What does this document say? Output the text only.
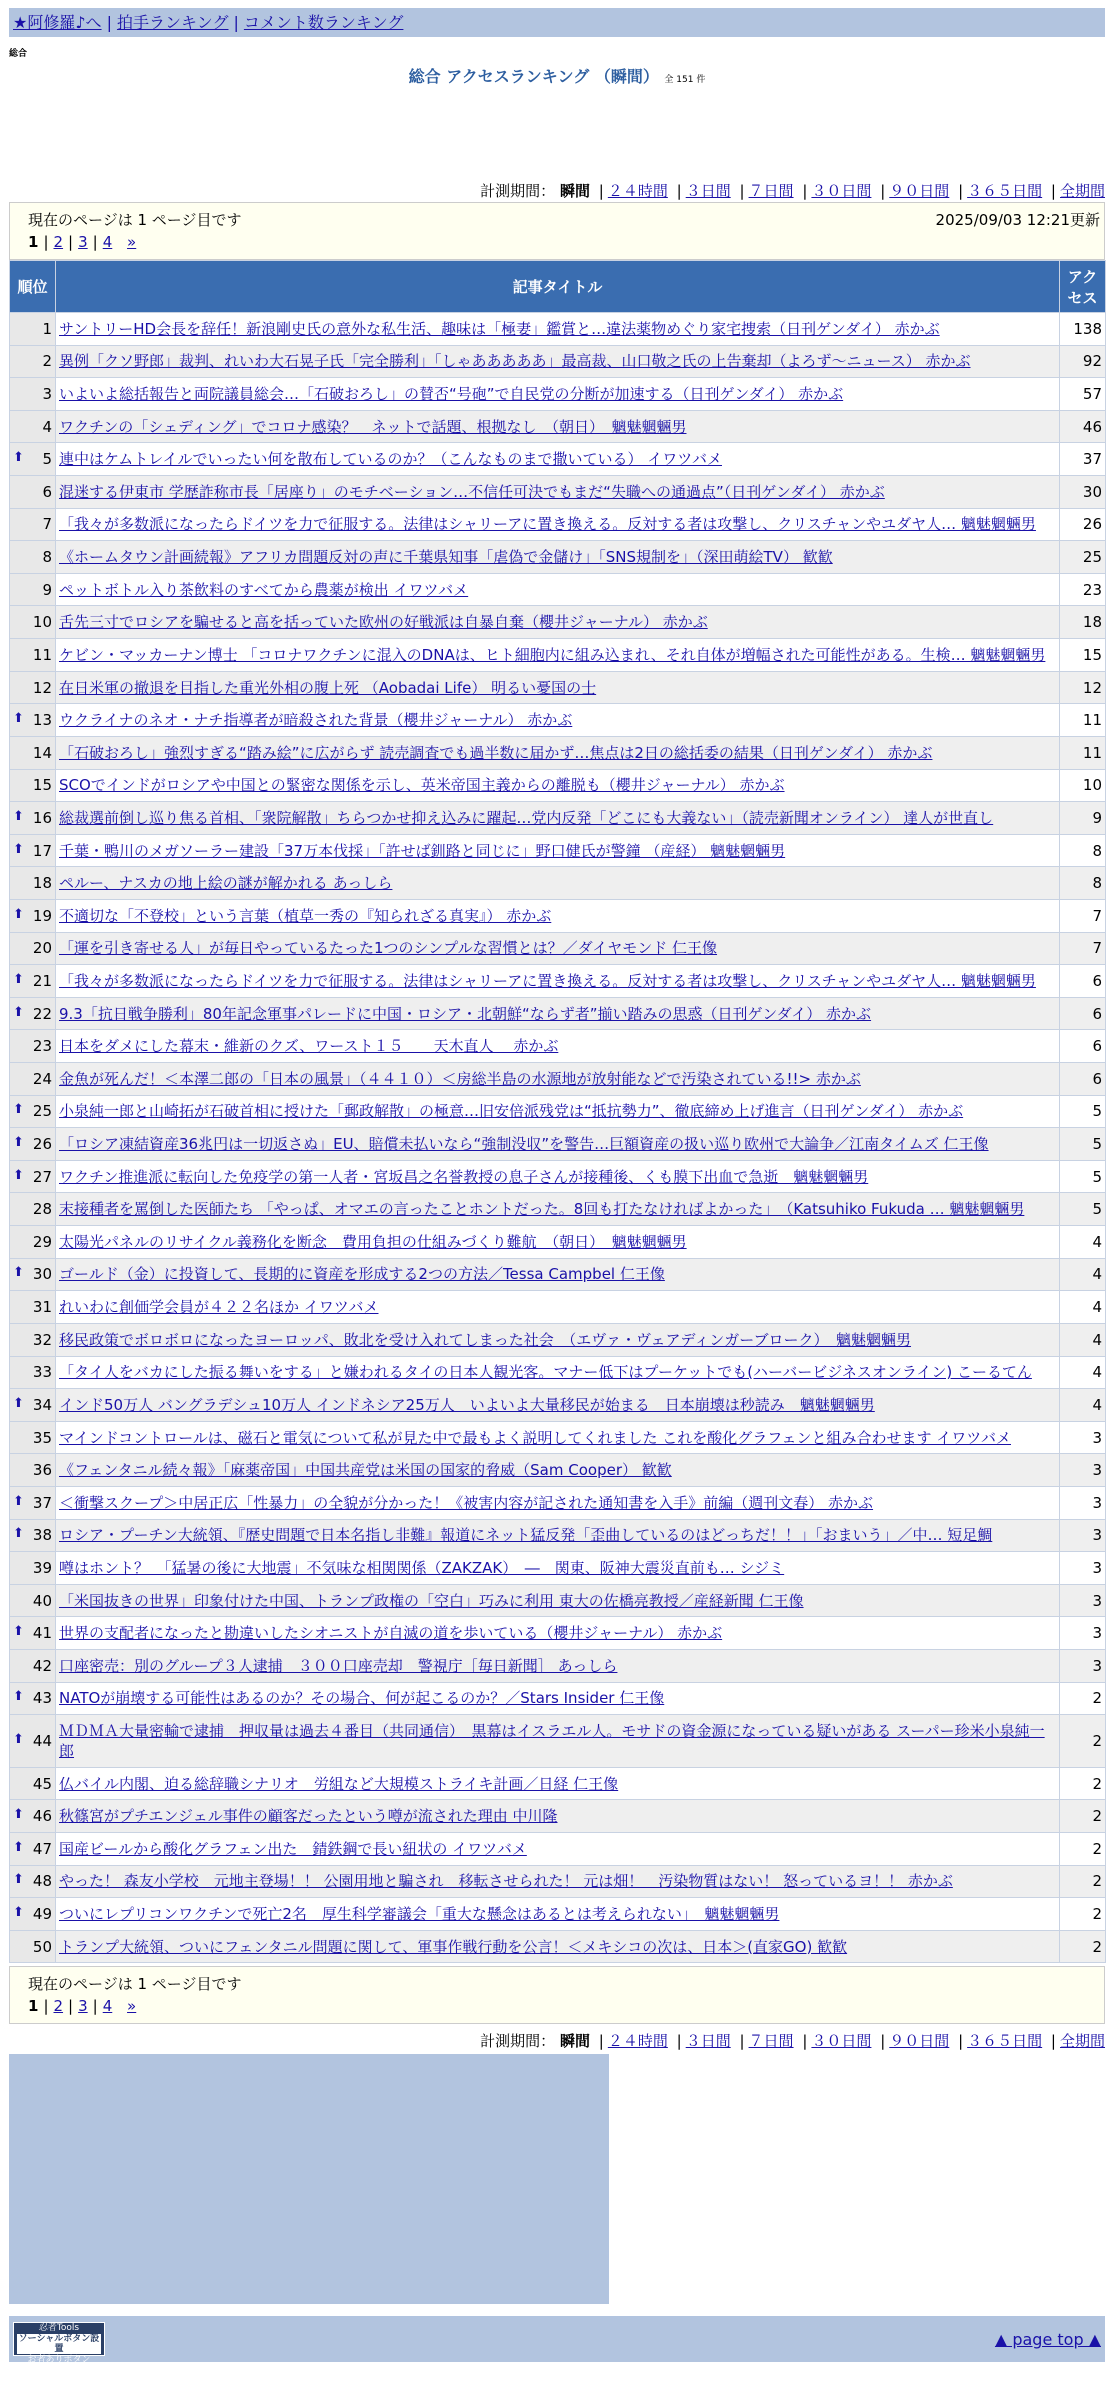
★阿修羅♪へ | 拍手ランキング | コメント数ランキング
総合
総合 アクセスランキング （瞬間） 全 151 件
計測期間： 瞬間 | ２４時間 | ３日間 | ７日間 | ３０日間 | ９０日間 | ３６５日間 | 全期間
現在のページは 1 ページ目です	2025/09/03 12:21更新
1 | 2 | 3 | 4 »
順位	記事タイトル	アクセス
1	サントリーHD会長を辞任！新浪剛史氏の意外な私生活、趣味は「極妻」鑑賞と…違法薬物めぐり家宅捜索（日刊ゲンダイ） 赤かぶ	138
2	異例「クソ野郎」裁判、れいわ大石晃子氏「完全勝利」「しゃあああああ」最高裁、山口敬之氏の上告棄却（よろず〜ニュース） 赤かぶ	92
3	いよいよ総括報告と両院議員総会…「石破おろし」の賛否“号砲”で自民党の分断が加速する（日刊ゲンダイ） 赤かぶ	57
4	ワクチンの「シェディング」でコロナ感染？　ネットで話題、根拠なし　（朝日）　魑魅魍魎男	46

⬆ 5	連中はケムトレイルでいったい何を散布しているのか？（こんなものまで撒いている） イワツバメ	37
6	混迷する伊東市 学歴詐称市長「居座り」のモチベーション…不信任可決でもまだ“失職への通過点”（日刊ゲンダイ） 赤かぶ	30
7	「我々が多数派になったらドイツを力で征服する。法律はシャリーアに置き換える。反対する者は攻撃し、クリスチャンやユダヤ人… 魑魅魍魎男	26
8	《ホームタウン計画続報》アフリカ問題反対の声に千葉県知事「虐偽で金儲け」「SNS規制を」（深田萌絵TV） 歓歓	25
9	ペットボトル入り茶飲料のすべてから農薬が検出 イワツバメ	23
10	舌先三寸でロシアを騙せると高を括っていた欧州の好戦派は自暴自棄（櫻井ジャーナル） 赤かぶ	18
11	ケビン・マッカーナン博士 「コロナワクチンに混入のDNAは、ヒト細胞内に組み込まれ、それ自体が増幅された可能性がある。生検… 魑魅魍魎男	15
12	在日米軍の撤退を目指した重光外相の腹上死 （Aobadai Life） 明るい憂国の士	12

⬆ 13	ウクライナのネオ・ナチ指導者が暗殺された背景（櫻井ジャーナル） 赤かぶ	11
14	「石破おろし」強烈すぎる“踏み絵”に広がらず 読売調査でも過半数に届かず…焦点は2日の総括委の結果（日刊ゲンダイ） 赤かぶ	11
15	SCOでインドがロシアや中国との緊密な関係を示し、英米帝国主義からの離脱も（櫻井ジャーナル） 赤かぶ	10

⬆ 16	総裁選前倒し巡り焦る首相、「衆院解散」ちらつかせ抑え込みに躍起…党内反発「どこにも大義ない」（読売新聞オンライン） 達人が世直し	9

⬆ 17	千葉・鴨川のメガソーラー建設「37万本伐採」「許せば釧路と同じに」野口健氏が警鐘 （産経） 魑魅魍魎男	8
18	ペルー、ナスカの地上絵の謎が解かれる あっしら	8

⬆ 19	不適切な「不登校」という言葉（植草一秀の『知られざる真実』） 赤かぶ	7
20	「運を引き寄せる人」が毎日やっているたった1つのシンプルな習慣とは？／ダイヤモンド 仁王像	7

⬆ 21	「我々が多数派になったらドイツを力で征服する。法律はシャリーアに置き換える。反対する者は攻撃し、クリスチャンやユダヤ人… 魑魅魍魎男	6

⬆ 22	9.3「抗日戦争勝利」80年記念軍事パレードに中国・ロシア・北朝鮮“ならず者”揃い踏みの思惑（日刊ゲンダイ） 赤かぶ	6
23	日本をダメにした幕末・維新のクズ、ワースト１５　　天木直人　 赤かぶ	6
24	金魚が死んだ！＜本澤二郎の「日本の風景」（４４１０）＜房総半島の水源地が放射能などで汚染されている!!> 赤かぶ	6

⬆ 25	小泉純一郎と山崎拓が石破首相に授けた「郵政解散」の極意…旧安倍派残党は“抵抗勢力”、徹底締め上げ進言（日刊ゲンダイ） 赤かぶ	5

⬆ 26	「ロシア凍結資産36兆円は一切返さぬ」EU、賠償未払いなら“強制没収”を警告…巨額資産の扱い巡り欧州で大論争／江南タイムズ 仁王像	5

⬆ 27	ワクチン推進派に転向した免疫学の第一人者・宮坂昌之名誉教授の息子さんが接種後、くも膜下出血で急逝　魑魅魍魎男	5
28	末接種者を罵倒した医師たち 「やっぱ、オマエの言ったことホントだった。8回も打たなければよかった」　（Katsuhiko Fukuda … 魑魅魍魎男	5
29	太陽光パネルのリサイクル義務化を断念　費用負担の仕組みづくり難航　（朝日）　魑魅魍魎男	4

⬆ 30	ゴールド（金）に投資して、長期的に資産を形成する2つの方法／Tessa Campbel 仁王像	4
31	れいわに創価学会員が４２２名ほか イワツバメ	4
32	移民政策でボロボロになったヨーロッパ、敗北を受け入れてしまった社会　（エヴァ・ヴェアディンガーブローク）　魑魅魍魎男	4
33	「タイ人をバカにした振る舞いをする」と嫌われるタイの日本人観光客。マナー低下はプーケットでも(ハーバービジネスオンライン) こーるてん	4

⬆ 34	インド50万人 バングラデシュ10万人 インドネシア25万人　いよいよ大量移民が始まる　日本崩壊は秒読み　魑魅魍魎男	4
35	マインドコントロールは、磁石と電気について私が見た中で最もよく説明してくれました これを酸化グラフェンと組み合わせます イワツバメ	3
36	《フェンタニル続々報》「麻薬帝国」中国共産党は米国の国家的脅威（Sam Cooper） 歓歓	3

⬆ 37	＜衝撃スクープ＞中居正広「性暴力」の全貌が分かった！《被害内容が記された通知書を入手》前編（週刊文春） 赤かぶ	3

⬆ 38	ロシア・プーチン大統領、『歴史問題で日本名指し非難』報道にネット猛反発「歪曲しているのはどっちだ！！」「おまいう」／中… 短足鯛	3
39	噂はホント？　「猛暑の後に大地震」不気味な相関関係（ZAKZAK）　―　関東、阪神大震災直前も… シジミ	3
40	「米国抜きの世界」印象付けた中国、トランプ政権の「空白」巧みに利用 東大の佐橋亮教授／産経新聞 仁王像	3

⬆ 41	世界の支配者になったと勘違いしたシオニストが自滅の道を歩いている（櫻井ジャーナル） 赤かぶ	3
42	口座密売：別のグループ３人逮捕　３００口座売却　警視庁［毎日新聞］ あっしら	3

⬆ 43	NATOが崩壊する可能性はあるのか？その場合、何が起こるのか？／Stars Insider 仁王像	2

⬆ 44	ＭＤＭＡ大量密輸で逮捕　押収量は過去４番目（共同通信）　黒幕はイスラエル人。モサドの資金源になっている疑いがある スーパー珍米小泉純一郎	2
45	仏バイル内閣、迫る総辞職シナリオ　労組など大規模ストライキ計画／日経 仁王像	2

⬆ 46	秋篠宮がプチエンジェル事件の顧客だったという噂が流された理由 中川隆	2

⬆ 47	国産ビールから酸化グラフェン出た　錆鉄鋼で長い紐状の イワツバメ	2

⬆ 48	やった！ 森友小学校　元地主登場！！ 公園用地と騙され　移転させられた！ 元は畑！　汚染物質はない！ 怒っているヨ！！ 赤かぶ	2

⬆ 49	ついにレプリコンワクチンで死亡2名　厚生科学審議会「重大な懸念はあるとは考えられない」　魑魅魍魎男	2
50	トランプ大統領、ついにフェンタニル問題に関して、軍事作戦行動を公言！＜メキシコの次は、日本＞(直家GO) 歓歓	2
現在のページは 1 ページ目です
1 | 2 | 3 | 4 »
計測期間： 瞬間 | ２４時間 | ３日間 | ７日間 | ３０日間 | ９０日間 | ３６５日間 | 全期間
忍者Tools
ソーシャルボタン設置
お者ありボタン
▲ page top ▲
